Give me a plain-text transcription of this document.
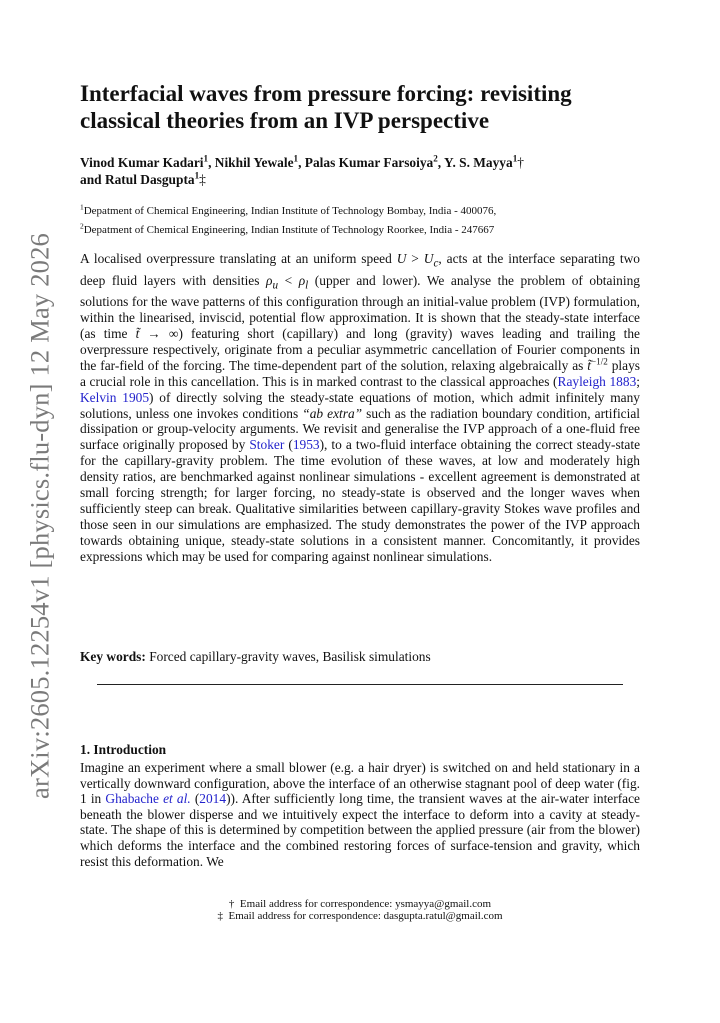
arXiv:2605.12254v1 [physics.flu-dyn] 12 May 2026
Interfacial waves from pressure forcing: revisiting classical theories from an IVP perspective
Vinod Kumar Kadari$^1$, Nikhil Yewale$^1$, Palas Kumar Farsoiya$^2$, Y. S. Mayya$^1$†
and Ratul Dasgupta$^1$‡
$^1$Depatment of Chemical Engineering, Indian Institute of Technology Bombay, India - 400076,
$^2$Depatment of Chemical Engineering, Indian Institute of Technology Roorkee, India - 247667

A localised overpressure translating at an uniform speed $U > U_c$, acts at the interface separating two deep fluid layers with densities $\rho_u < \rho_l$ (upper and lower). We analyse the problem of obtaining solutions for the wave patterns of this configuration through an initial-value problem (IVP) formulation, within the linearised, inviscid, potential flow approximation. It is shown that the steady-state interface (as time t̃ → ∞) featuring short (capillary) and long (gravity) waves leading and trailing the overpressure respectively, originate from a peculiar asymmetric cancellation of Fourier components in the far-field of the forcing. The time-dependent part of the solution, relaxing algebraically as t̃$^{-1/2}$ plays a crucial role in this cancellation. This is in marked contrast to the classical approaches (Rayleigh 1883; Kelvin 1905) of directly solving the steady-state equations of motion, which admit infinitely many solutions, unless one invokes conditions “ab extra” such as the radiation boundary condition, artificial dissipation or group-velocity arguments. We revisit and generalise the IVP approach of a one-fluid free surface originally proposed by Stoker (1953), to a two-fluid interface obtaining the correct steady-state for the capillary-gravity problem. The time evolution of these waves, at low and moderately high density ratios, are benchmarked against nonlinear simulations - excellent agreement is demonstrated at small forcing strength; for larger forcing, no steady-state is observed and the longer waves when sufficiently steep can break. Qualitative similarities between capillary-gravity Stokes wave profiles and those seen in our simulations are emphasized. The study demonstrates the power of the IVP approach towards obtaining unique, steady-state solutions in a consistent manner. Concomitantly, it provides expressions which may be used for comparing against nonlinear simulations.

Key words: Forced capillary-gravity waves, Basilisk simulations
1. Introduction

Imagine an experiment where a small blower (e.g. a hair dryer) is switched on and held stationary in a vertically downward configuration, above the interface of an otherwise stagnant pool of deep water (fig. 1 in Ghabache et al. (2014)). After sufficiently long time, the transient waves at the air-water interface beneath the blower disperse and we intuitively expect the interface to deform into a cavity at steady-state. The shape of this is determined by competition between the applied pressure (air from the blower) which deforms the interface and the combined restoring forces of surface-tension and gravity, which resist this deformation. We

† Email address for correspondence: ysmayya@gmail.com
‡ Email address for correspondence: dasgupta.ratul@gmail.com
